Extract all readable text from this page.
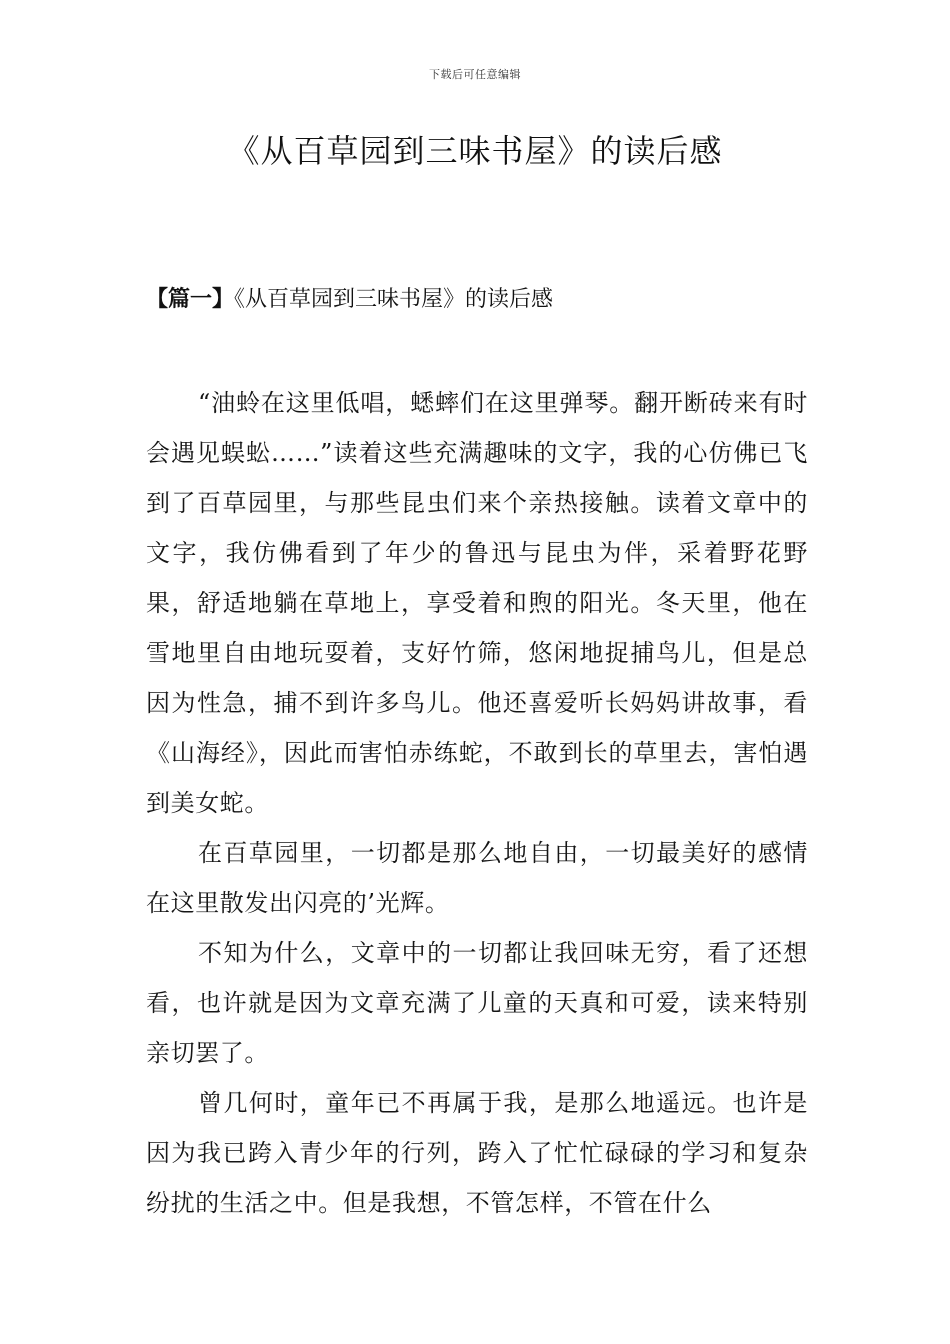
下载后可任意编辑
《从百草园到三味书屋》的读后感
【篇一】《从百草园到三味书屋》的读后感

“油蛉在这里低唱，蟋蟀们在这里弹琴。翻开断砖来有时会遇见蜈蚣……”读着这些充满趣味的文字，我的心仿佛已飞到了百草园里，与那些昆虫们来个亲热接触。读着文章中的文字，我仿佛看到了年少的鲁迅与昆虫为伴，采着野花野果，舒适地躺在草地上，享受着和煦的阳光。冬天里，他在雪地里自由地玩耍着，支好竹筛，悠闲地捉捕鸟儿，但是总因为性急，捕不到许多鸟儿。他还喜爱听长妈妈讲故事，看《山海经》，因此而害怕赤练蛇，不敢到长的草里去，害怕遇到美女蛇。

在百草园里，一切都是那么地自由，一切最美好的感情在这里散发出闪亮的’光辉。

不知为什么，文章中的一切都让我回味无穷，看了还想看，也许就是因为文章充满了儿童的天真和可爱，读来特别亲切罢了。

曾几何时，童年已不再属于我，是那么地遥远。也许是因为我已跨入青少年的行列，跨入了忙忙碌碌的学习和复杂纷扰的生活之中。但是我想，不管怎样，不管在什么
